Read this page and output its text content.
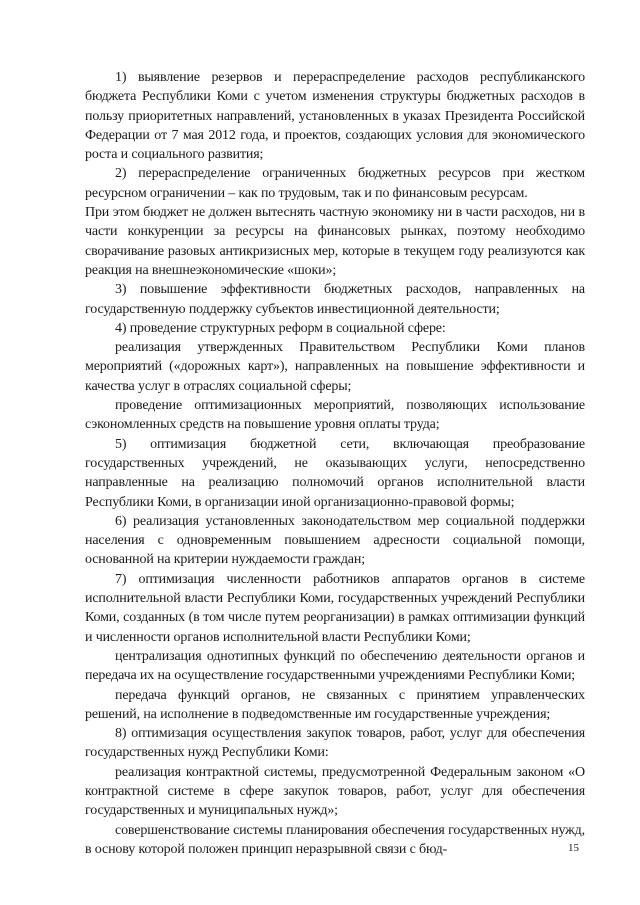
1) выявление резервов и перераспределение расходов республиканского бюджета Республики Коми с учетом изменения структуры бюджетных расходов в пользу приоритетных направлений, установленных в указах Президента Российской Федерации от 7 мая 2012 года, и проектов, создающих условия для экономического роста и социального развития;

2) перераспределение ограниченных бюджетных ресурсов при жестком ресурсном ограничении – как по трудовым, так и по финансовым ресурсам.

При этом бюджет не должен вытеснять частную экономику ни в части расходов, ни в части конкуренции за ресурсы на финансовых рынках, поэтому необходимо сворачивание разовых антикризисных мер, которые в текущем году реализуются как реакция на внешнеэкономические «шоки»;

3) повышение эффективности бюджетных расходов, направленных на государственную поддержку субъектов инвестиционной деятельности;

4) проведение структурных реформ в социальной сфере:

реализация утвержденных Правительством Республики Коми планов мероприятий («дорожных карт»), направленных на повышение эффективности и качества услуг в отраслях социальной сферы;

проведение оптимизационных мероприятий, позволяющих использование сэкономленных средств на повышение уровня оплаты труда;

5) оптимизация бюджетной сети, включающая преобразование государственных учреждений, не оказывающих услуги, непосредственно направленные на реализацию полномочий органов исполнительной власти Республики Коми, в организации иной организационно-правовой формы;

6) реализация установленных законодательством мер социальной поддержки населения с одновременным повышением адресности социальной помощи, основанной на критерии нуждаемости граждан;

7) оптимизация численности работников аппаратов органов в системе исполнительной власти Республики Коми, государственных учреждений Республики Коми, созданных (в том числе путем реорганизации) в рамках оптимизации функций и численности органов исполнительной власти Республики Коми;

централизация однотипных функций по обеспечению деятельности органов и передача их на осуществление государственными учреждениями Республики Коми;

передача функций органов, не связанных с принятием управленческих решений, на исполнение в подведомственные им государственные учреждения;

8) оптимизация осуществления закупок товаров, работ, услуг для обеспечения государственных нужд Республики Коми:

реализация контрактной системы, предусмотренной Федеральным законом «О контрактной системе в сфере закупок товаров, работ, услуг для обеспечения государственных и муниципальных нужд»;

совершенствование системы планирования обеспечения государственных нужд, в основу которой положен принцип неразрывной связи с бюд-	15
